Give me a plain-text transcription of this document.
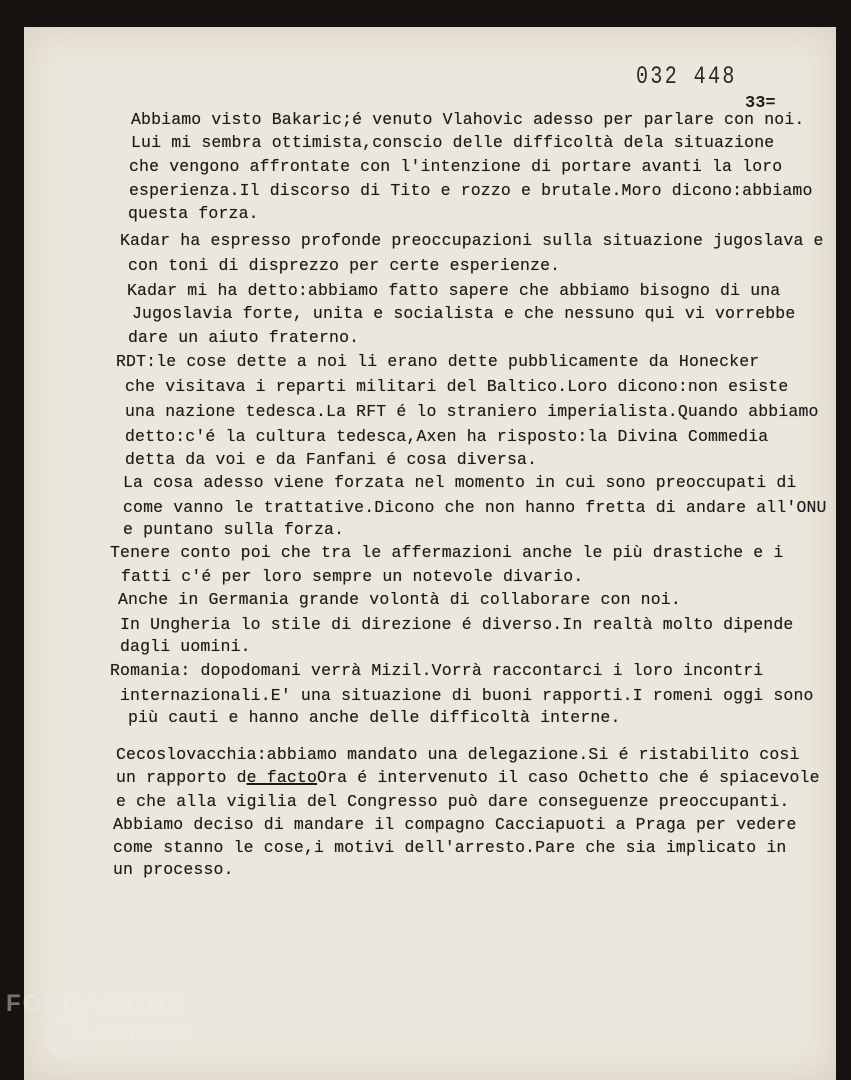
032 448
33=
Abbiamo visto Bakaric;é venuto Vlahovic adesso per parlare con noi.
Lui mi sembra ottimista,conscio delle difficoltà dela situazione
che vengono affrontate con l'intenzione di portare avanti la loro
esperienza.Il discorso di Tito e rozzo e brutale.Moro dicono:abbiamo
questa forza.
Kadar ha espresso profonde preoccupazioni sulla situazione jugoslava e
con toni di disprezzo per certe esperienze.
Kadar mi ha detto:abbiamo fatto sapere che abbiamo bisogno di una
Jugoslavia forte, unita e socialista e che nessuno qui vi vorrebbe
dare un aiuto fraterno.
RDT:le cose dette a noi li erano dette pubblicamente da Honecker
che visitava i reparti militari del Baltico.Loro dicono:non esiste
una nazione tedesca.La RFT é lo straniero imperialista.Quando abbiamo
detto:c'é la cultura tedesca,Axen ha risposto:la Divina Commedia
detta da voi e da Fanfani é cosa diversa.
La cosa adesso viene forzata nel momento in cui sono preoccupati di
come vanno le trattative.Dicono che non hanno fretta di andare all'ONU
e puntano sulla forza.
Tenere conto poi che tra le affermazioni anche le più drastiche e i
fatti c'é per loro sempre un notevole divario.
Anche in Germania grande volontà di collaborare con noi.
In Ungheria lo stile di direzione é diverso.In realtà molto dipende
dagli uomini.
Romania: dopodomani verrà Mizil.Vorrà raccontarci i loro incontri
internazionali.E' una situazione di buoni rapporti.I romeni oggi sono
più cauti e hanno anche delle difficoltà interne.
Cecoslovacchia:abbiamo mandato una delegazione.Si é ristabilito così
un rapporto de factoOra é intervenuto il caso Ochetto che é spiacevole
e che alla vigilia del Congresso può dare conseguenze preoccupanti.
Abbiamo deciso di mandare il compagno Cacciapuoti a Praga per vedere
come stanno le cose,i motivi dell'arresto.Pare che sia implicato in
un processo.
FONDAZIONE
RAMSCI
onlus
